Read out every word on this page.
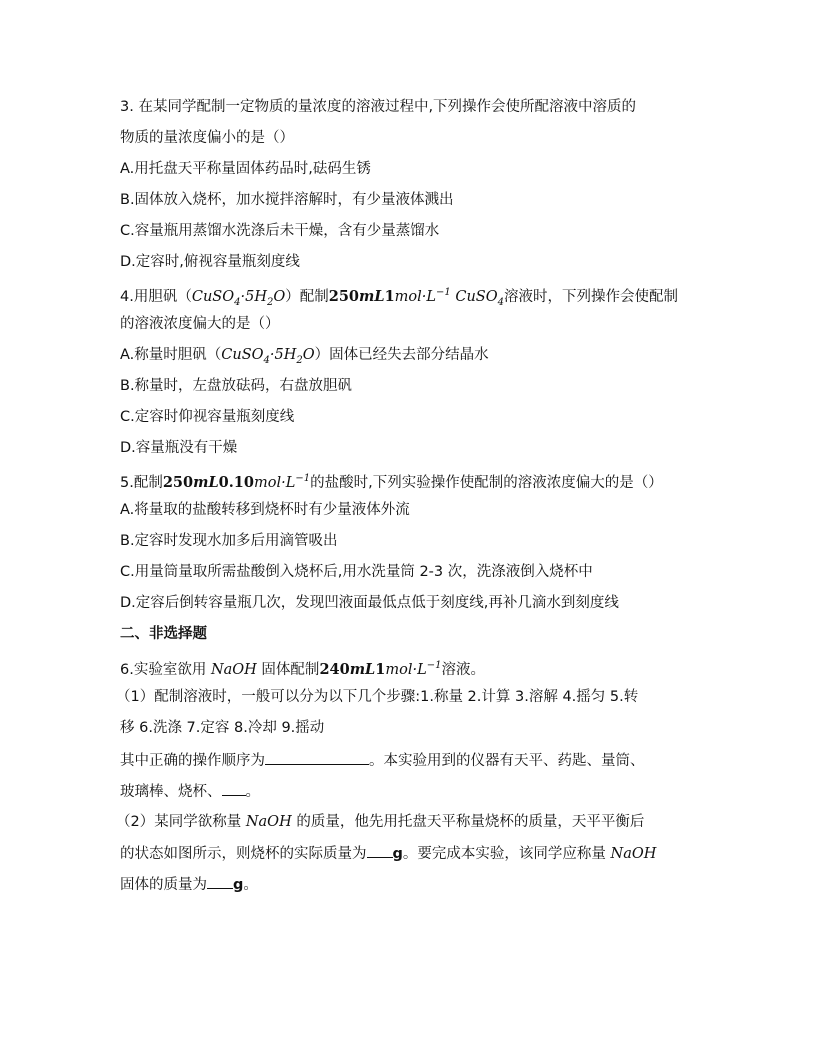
3. 在某同学配制一定物质的量浓度的溶液过程中,下列操作会使所配溶液中溶质的
物质的量浓度偏小的是（）
A.用托盘天平称量固体药品时,砝码生锈
B.固体放入烧杯，加水搅拌溶解时，有少量液体溅出
C.容量瓶用蒸馏水洗涤后未干燥，含有少量蒸馏水
D.定容时,俯视容量瓶刻度线
4.用胆矾$(CuSO_4\cdot 5H_2O)$配制$250mL1mol\cdot L^{-1}$ CuSO$_4$溶液时，下列操作会使配制
的溶液浓度偏大的是（）
A.称量时胆矾$(CuSO_4\cdot 5H_2O)$固体已经失去部分结晶水
B.称量时，左盘放砝码，右盘放胆矾
C.定容时仰视容量瓶刻度线
D.容量瓶没有干燥
5.配制$250mL0.10mol\cdot L^{-1}$的盐酸时,下列实验操作使配制的溶液浓度偏大的是（）
A.将量取的盐酸转移到烧杯时有少量液体外流
B.定容时发现水加多后用滴管吸出
C.用量筒量取所需盐酸倒入烧杯后,用水洗量筒 2-3 次，洗涤液倒入烧杯中
D.定容后倒转容量瓶几次，发现凹液面最低点低于刻度线,再补几滴水到刻度线
二、非选择题
6.实验室欲用 NaOH 固体配制$240mL1mol\cdot L^{-1}$溶液。
（1）配制溶液时，一般可以分为以下几个步骤:1.称量 2.计算 3.溶解 4.摇匀 5.转
移 6.洗涤 7.定容 8.冷却 9.摇动
其中正确的操作顺序为	。本实验用到的仪器有天平、药匙、量筒、
玻璃棒、烧杯、 。
（2）某同学欲称量 NaOH 的质量，他先用托盘天平称量烧杯的质量，天平平衡后
的状态如图所示，则烧杯的实际质量为 g。要完成本实验，该同学应称量 NaOH
固体的质量为 g。
